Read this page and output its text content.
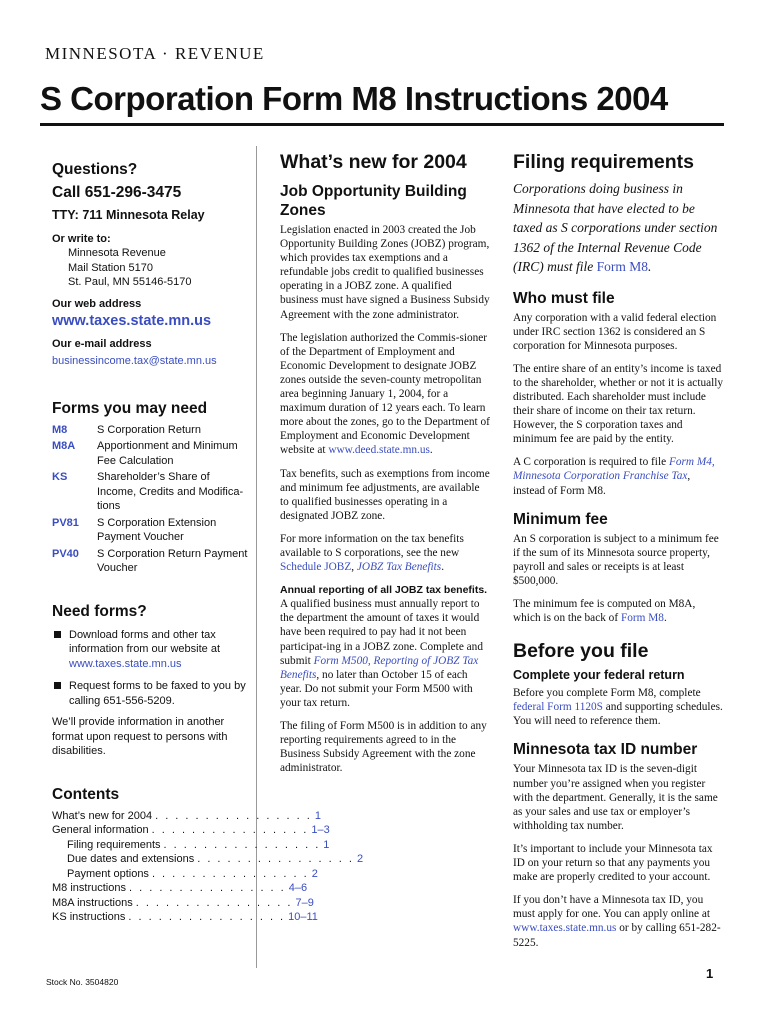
MINNESOTA · REVENUE
S Corporation Form M8 Instructions 2004
Questions?
Call 651-296-3475
TTY: 711 Minnesota Relay
Or write to:
Minnesota Revenue
Mail Station 5170
St. Paul, MN 55146-5170
Our web address
www.taxes.state.mn.us
Our e-mail address
businessincome.tax@state.mn.us
Forms you may need
M8	S Corporation Return
M8A	Apportionment and Minimum Fee Calculation
KS	Shareholder’s Share of Income, Credits and Modifica-tions
PV81	S Corporation Extension Payment Voucher
PV40	S Corporation Return Payment Voucher
Need forms?
Download forms and other tax information from our website at
www.taxes.state.mn.us
Request forms to be faxed to you by calling 651-556-5209.
We’ll provide information in another format upon request to persons with disabilities.
Contents
What’s new for 2004 . . . . . . . . . . . . . . . . 1
General information . . . . . . . . . . . . . . . . 1–3
Filing requirements . . . . . . . . . . . . . . . . 1
Due dates and extensions . . . . . . . . . . . . . . . . 2
Payment options . . . . . . . . . . . . . . . . 2
M8 instructions . . . . . . . . . . . . . . . . 4–6
M8A instructions . . . . . . . . . . . . . . . . 7–9
KS instructions . . . . . . . . . . . . . . . . 10–11
What’s new for 2004
Job Opportunity Building Zones

Legislation enacted in 2003 created the Job Opportunity Building Zones (JOBZ) program, which provides tax exemptions and a refundable jobs credit to qualified businesses operating in a JOBZ zone. A qualified business must have signed a Business Subsidy Agreement with the zone administrator.

The legislation authorized the Commis-sioner of the Department of Employment and Economic Development to designate JOBZ zones outside the seven-county metropolitan area beginning January 1, 2004, for a maximum duration of 12 years each. To learn more about the zones, go to the Department of Employment and Economic Development website at www.deed.state.mn.us.

Tax benefits, such as exemptions from income and minimum fee adjustments, are available to qualified businesses operating in a designated JOBZ zone.

For more information on the tax benefits available to S corporations, see the new Schedule JOBZ, JOBZ Tax Benefits.

Annual reporting of all JOBZ tax benefits. A qualified business must annually report to the department the amount of taxes it would have been required to pay had it not been participat-ing in a JOBZ zone. Complete and submit Form M500, Reporting of JOBZ Tax Benefits, no later than October 15 of each year. Do not submit your Form M500 with your tax return.

The filing of Form M500 is in addition to any reporting requirements agreed to in the Business Subsidy Agreement with the zone administrator.

Filing requirements

Corporations doing business in Minnesota that have elected to be taxed as S corporations under section 1362 of the Internal Revenue Code (IRC) must file Form M8.

Who must file

Any corporation with a valid federal election under IRC section 1362 is considered an S corporation for Minnesota purposes.

The entire share of an entity’s income is taxed to the shareholder, whether or not it is actually distributed. Each shareholder must include their share of income on their tax return. However, the S corporation taxes and minimum fee are paid by the entity.

A C corporation is required to file Form M4, Minnesota Corporation Franchise Tax, instead of Form M8.

Minimum fee

An S corporation is subject to a minimum fee if the sum of its Minnesota source property, payroll and sales or receipts is at least $500,000.

The minimum fee is computed on M8A, which is on the back of Form M8.

Before you file
Complete your federal return

Before you complete Form M8, complete federal Form 1120S and supporting schedules. You will need to reference them.

Minnesota tax ID number

Your Minnesota tax ID is the seven-digit number you’re assigned when you register with the department. Generally, it is the same as your sales and use tax or employer’s withholding tax number.

It’s important to include your Minnesota tax ID on your return so that any payments you make are properly credited to your account.

If you don’t have a Minnesota tax ID, you must apply for one. You can apply online at www.taxes.state.mn.us or by calling 651-282-5225.

Stock No. 3504820
1
